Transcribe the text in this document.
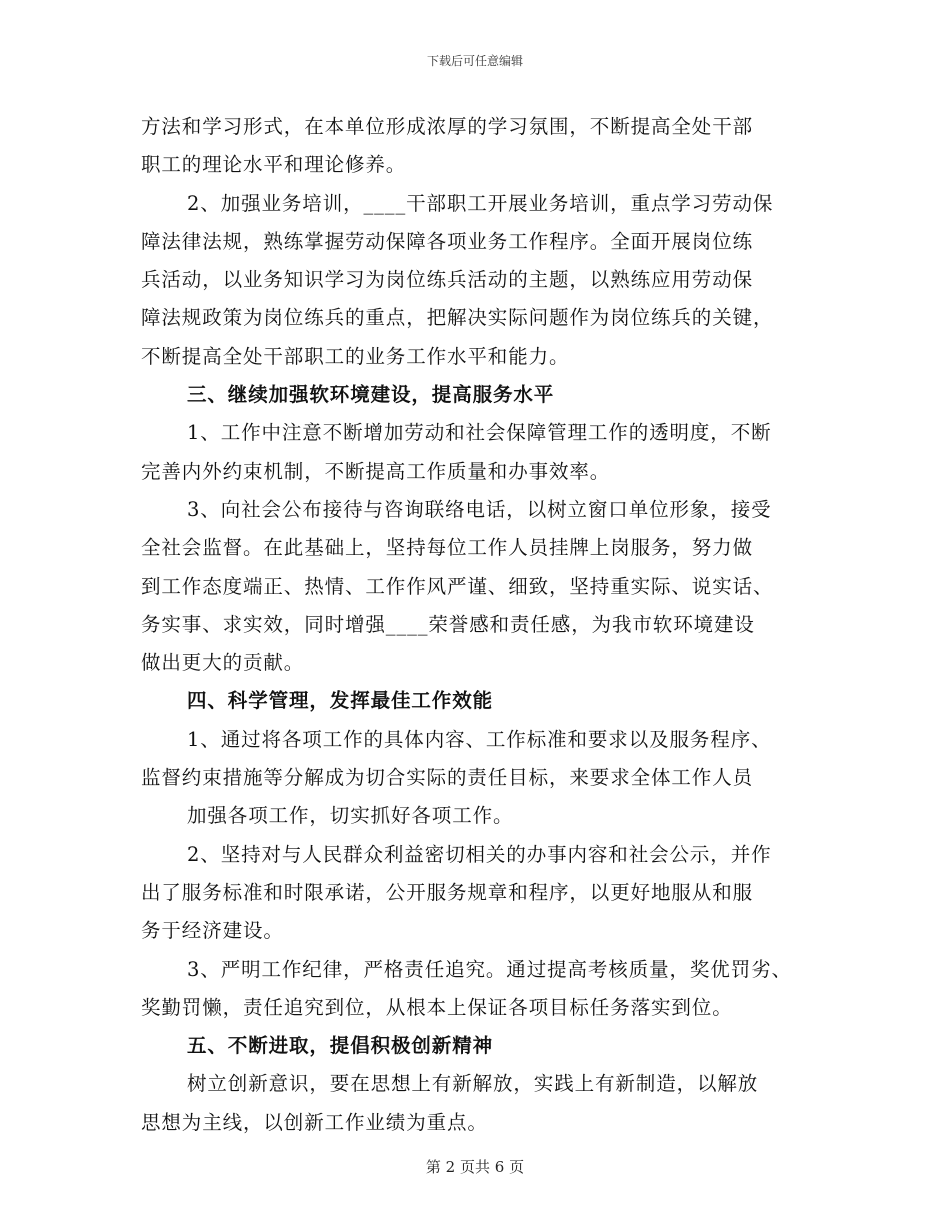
下载后可任意编辑
方法和学习形式，在本单位形成浓厚的学习氛围，不断提高全处干部
职工的理论水平和理论修养。
2、加强业务培训，____干部职工开展业务培训，重点学习劳动保
障法律法规，熟练掌握劳动保障各项业务工作程序。全面开展岗位练
兵活动，以业务知识学习为岗位练兵活动的主题，以熟练应用劳动保
障法规政策为岗位练兵的重点，把解决实际问题作为岗位练兵的关键，
不断提高全处干部职工的业务工作水平和能力。
三、继续加强软环境建设，提高服务水平
1、工作中注意不断增加劳动和社会保障管理工作的透明度，不断
完善内外约束机制，不断提高工作质量和办事效率。
3、向社会公布接待与咨询联络电话，以树立窗口单位形象，接受
全社会监督。在此基础上，坚持每位工作人员挂牌上岗服务，努力做
到工作态度端正、热情、工作作风严谨、细致，坚持重实际、说实话、
务实事、求实效，同时增强____荣誉感和责任感，为我市软环境建设
做出更大的贡献。
四、科学管理，发挥最佳工作效能
1、通过将各项工作的具体内容、工作标准和要求以及服务程序、
监督约束措施等分解成为切合实际的责任目标，来要求全体工作人员
加强各项工作，切实抓好各项工作。
2、坚持对与人民群众利益密切相关的办事内容和社会公示，并作
出了服务标准和时限承诺，公开服务规章和程序，以更好地服从和服
务于经济建设。
3、严明工作纪律，严格责任追究。通过提高考核质量，奖优罚劣、
奖勤罚懒，责任追究到位，从根本上保证各项目标任务落实到位。
五、不断进取，提倡积极创新精神
树立创新意识，要在思想上有新解放，实践上有新制造，以解放
思想为主线，以创新工作业绩为重点。
第 2 页共 6 页
